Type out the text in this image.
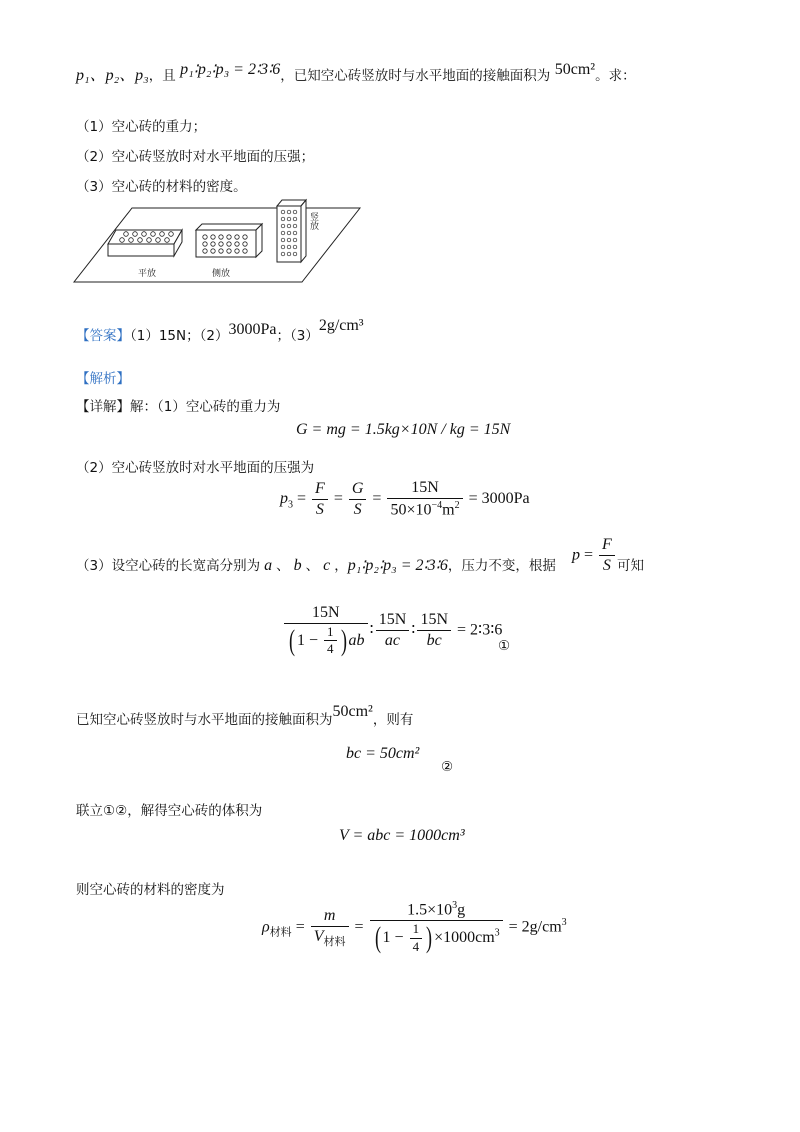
p₁、p₂、p₃，且 p₁∶p₂∶p₃ = 2∶3∶6，已知空心砖竖放时与水平地面的接触面积为 50cm²。求：
（1）空心砖的重力；
（2）空心砖竖放时对水平地面的压强；
（3）空心砖的材料的密度。
平放	侧放
竖放
【答案】（1）15N；（2）3000Pa；（3）2g/cm³
【解析】
【详解】解：（1）空心砖的重力为
G = mg = 1.5kg×10N / kg = 15N
（2）空心砖竖放时对水平地面的压强为
$p_3 = \frac{F}{S} = \frac{G}{S} = \frac{15N}{50\times 10^{-4}m^2} = 3000Pa$
（3）设空心砖的长宽高分别为 a 、 b 、 c ，p₁∶p₂∶p₃ = 2∶3∶6，压力不变，根据
$p = \frac{F}{S}$ 可知
$\frac{15N}{( 1 - \frac{1}{4} ) ab}$ ∶ $\frac{15N}{ac}$ ∶ $\frac{15N}{bc}$ = 2∶3∶6
①
已知空心砖竖放时与水平地面的接触面积为50cm²，则有
bc = 50cm²
②
联立①②，解得空心砖的体积为
V = abc = 1000cm³
则空心砖的材料的密度为
$\rho_{材料} = \frac{m}{V_{材料}} = \frac{1.5\times 10^3g}{( 1 - \frac{1}{4} ) \times 1000cm^3} = 2g/cm^3$
